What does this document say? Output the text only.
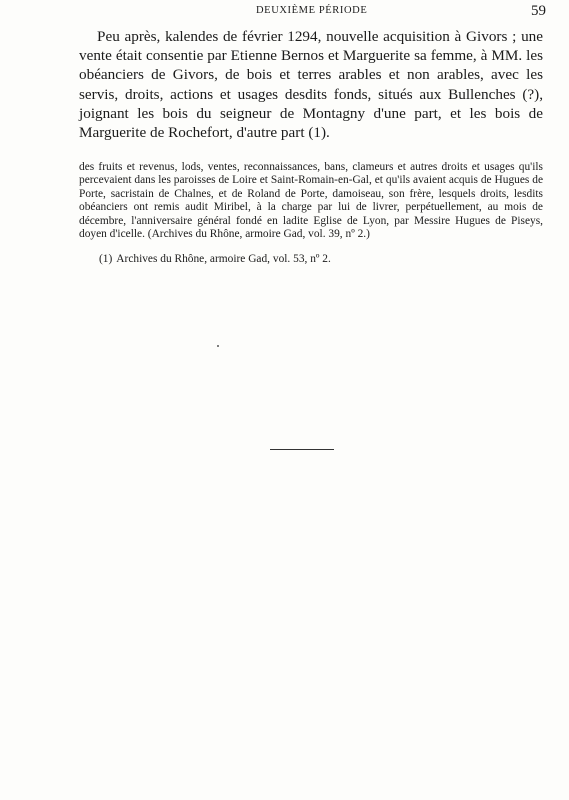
DEUXIÈME PÉRIODE	59

Peu après, kalendes de février 1294, nouvelle acquisition à Givors ; une vente était consentie par Etienne Bernos et Marguerite sa femme, à MM. les obéanciers de Givors, de bois et terres arables et non arables, avec les servis, droits, actions et usages desdits fonds, situés aux Bullenches (?), joignant les bois du seigneur de Montagny d'une part, et les bois de Marguerite de Rochefort, d'autre part (1).

des fruits et revenus, lods, ventes, reconnaissances, bans, clameurs et autres droits et usages qu'ils percevaient dans les paroisses de Loire et Saint-Romain-en-Gal, et qu'ils avaient acquis de Hugues de Porte, sacristain de Chalnes, et de Roland de Porte, damoiseau, son frère, lesquels droits, lesdits obéanciers ont remis audit Miribel, à la charge par lui de livrer, perpétuellement, au mois de décembre, l'anniversaire général fondé en ladite Eglise de Lyon, par Messire Hugues de Piseys, doyen d'icelle. (Archives du Rhône, armoire Gad, vol. 39, nº 2.)

(1) Archives du Rhône, armoire Gad, vol. 53, nº 2.
